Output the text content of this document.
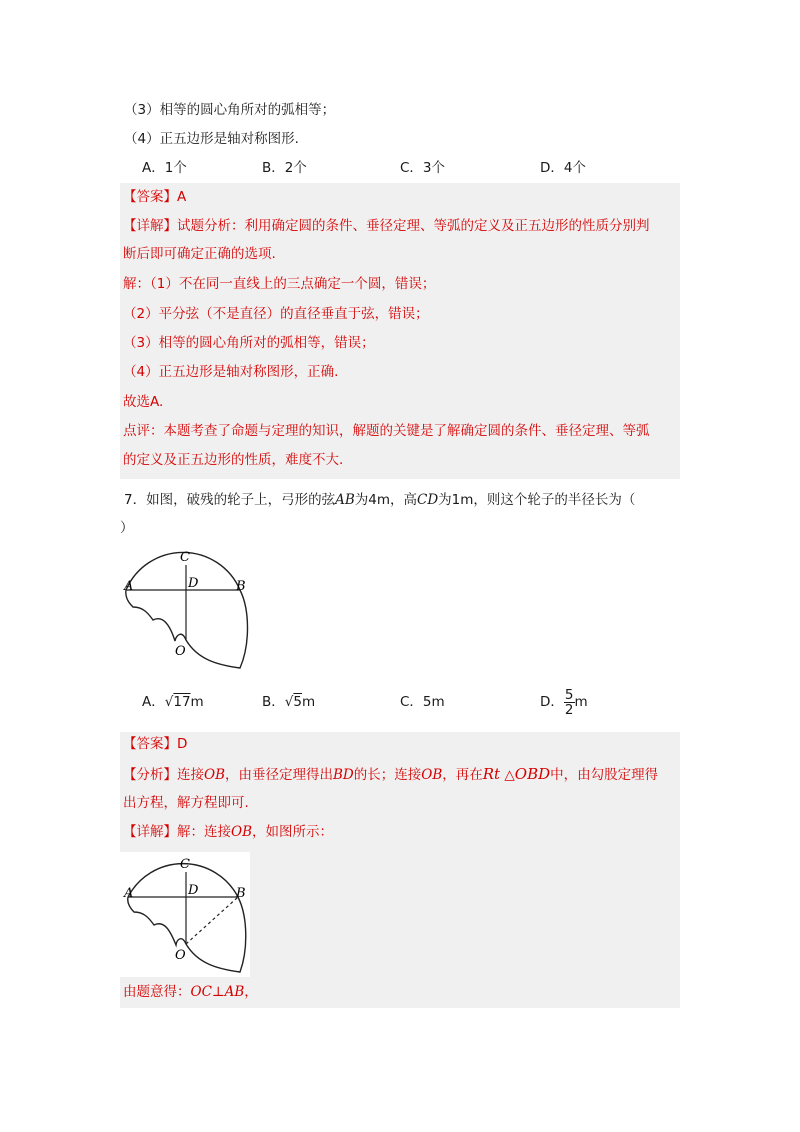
（3）相等的圆心角所对的弧相等；
（4）正五边形是轴对称图形.
A．1个	B．2个	C．3个	D．4个
【答案】A
【详解】试题分析：利用确定圆的条件、垂径定理、等弧的定义及正五边形的性质分别判
断后即可确定正确的选项.
解：（1）不在同一直线上的三点确定一个圆，错误；
（2）平分弦（不是直径）的直径垂直于弦，错误；
（3）相等的圆心角所对的弧相等，错误；
（4）正五边形是轴对称图形，正确.
故选A.
点评：本题考查了命题与定理的知识，解题的关键是了解确定圆的条件、垂径定理、等弧
的定义及正五边形的性质，难度不大.
7．如图，破残的轮子上，弓形的弦AB为4m，高CD为1m，则这个轮子的半径长为（
）
C
D
A	B
O
A．√17m	B．√5m	C．5m	D． $\frac{5}{2}$ m
【答案】D
【分析】连接OB，由垂径定理得出BD的长；连接OB，再在Rt △OBD中，由勾股定理得
出方程，解方程即可.
【详解】解：连接OB，如图所示：
C
D
A	B
O
由题意得：OC⊥AB，
